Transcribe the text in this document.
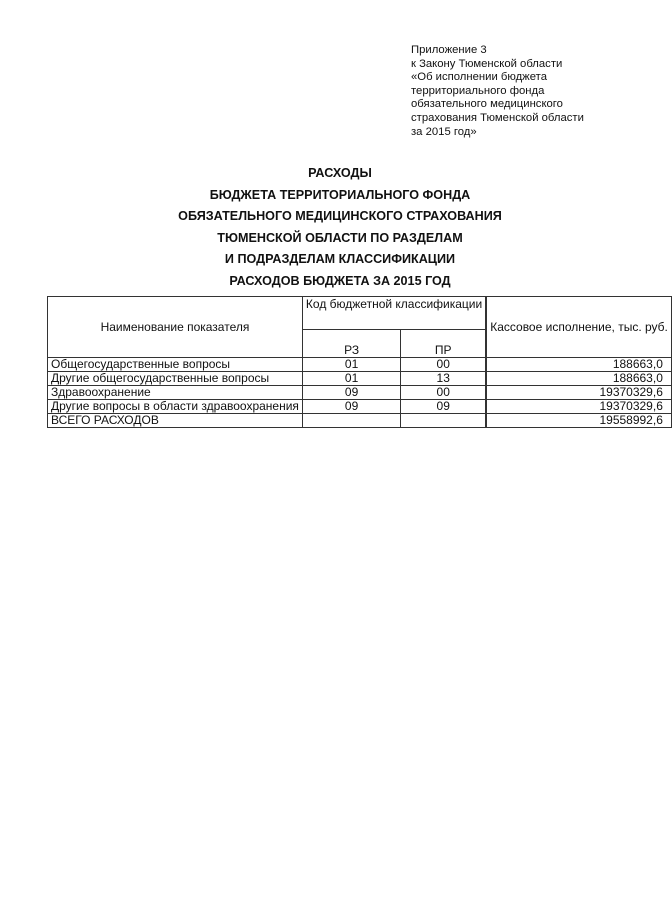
Приложение 3
к Закону Тюменской области
«Об исполнении бюджета
территориального фонда
обязательного медицинского
страхования Тюменской области
за 2015 год»
РАСХОДЫ
БЮДЖЕТА ТЕРРИТОРИАЛЬНОГО ФОНДА
ОБЯЗАТЕЛЬНОГО МЕДИЦИНСКОГО СТРАХОВАНИЯ
ТЮМЕНСКОЙ ОБЛАСТИ ПО РАЗДЕЛАМ
И ПОДРАЗДЕЛАМ КЛАССИФИКАЦИИ
РАСХОДОВ БЮДЖЕТА ЗА 2015 ГОД
Наименование показателя	Код бюджетной классификации		Кассовое исполнение, тыс. руб.
	РЗ	ПР	
Общегосударственные вопросы	01	00	188663,0
Другие общегосударственные вопросы	01	13	188663,0
Здравоохранение	09	00	19370329,6
Другие вопросы в области здравоохранения	09	09	19370329,6
ВСЕГО РАСХОДОВ			19558992,6
